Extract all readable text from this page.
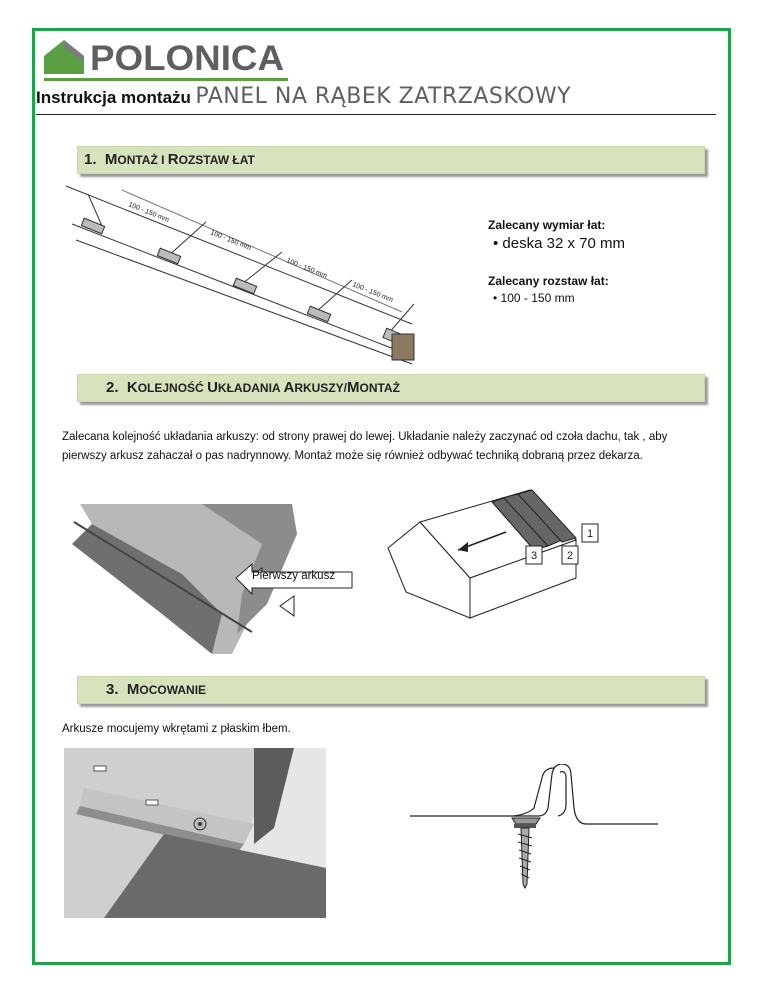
POLONICA
Instrukcja montażu PANEL NA RĄBEK ZATRZASKOWY
1. MONTAŻ I ROZSTAW ŁAT
100 - 150 mm
100 - 150 mm
100 - 150 mm
100 - 150 mm
Zalecany wymiar łat:
• deska 32 x 70 mm
Zalecany rozstaw łat:
• 100 - 150 mm
2. KOLEJNOŚĆ UKŁADANIA ARKUSZY/MONTAŻ
Zalecana kolejność układania arkuszy: od strony prawej do lewej. Układanie należy zaczynać od czoła dachu, tak , aby pierwszy arkusz zahaczał o pas nadrynnowy. Montaż może się również odbywać techniką dobraną przez dekarza.
Pierwszy arkusz
1
2
3
3. MOCOWANIE
Arkusze mocujemy wkrętami z płaskim łbem.
